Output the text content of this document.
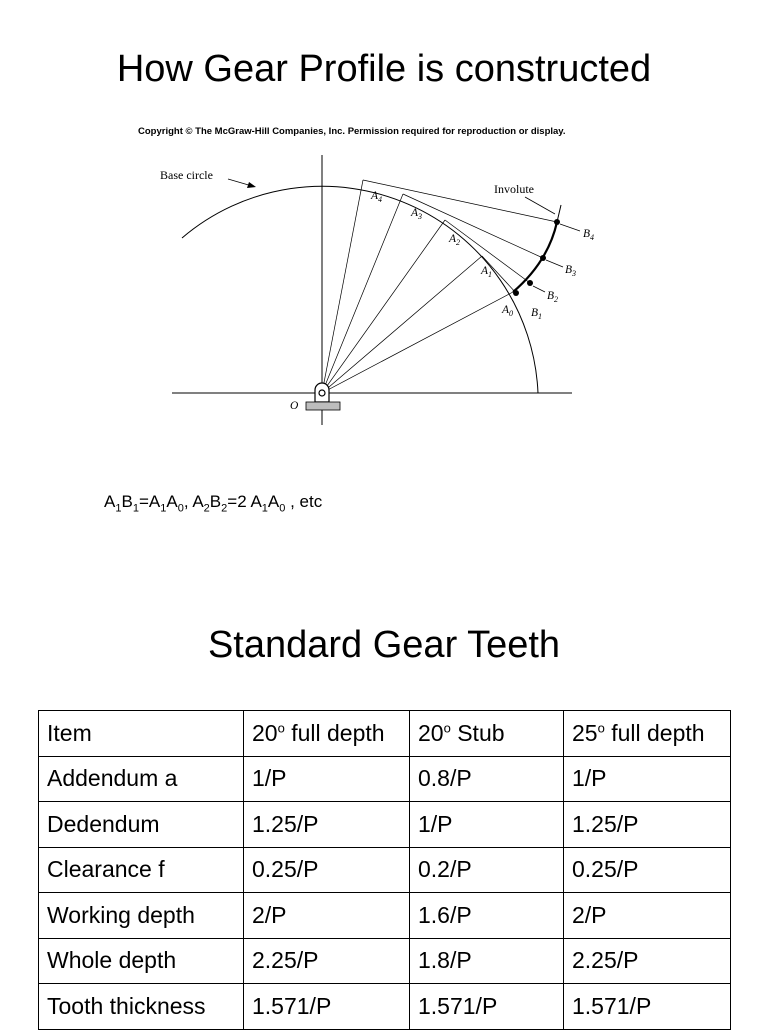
How Gear Profile is constructed
Copyright © The McGraw-Hill Companies, Inc. Permission required for reproduction or display.
Base circle
Involute
O
$A_4$
$A_3$
$A_2$
$A_1$
$A_0$ $B_1$
$B_2$
$B_3$
$B_4$
$A_1B_1=A_1A_0$, $A_2B_2=2$ $A_1A_0$ , etc
Standard Gear Teeth
Item	20$^o$ full depth	20$^o$ Stub	25$^o$ full depth
Addendum a	1/P	0.8/P	1/P
Dedendum	1.25/P	1/P	1.25/P
Clearance f	0.25/P	0.2/P	0.25/P
Working depth	2/P	1.6/P	2/P
Whole depth	2.25/P	1.8/P	2.25/P
Tooth thickness	1.571/P	1.571/P	1.571/P
